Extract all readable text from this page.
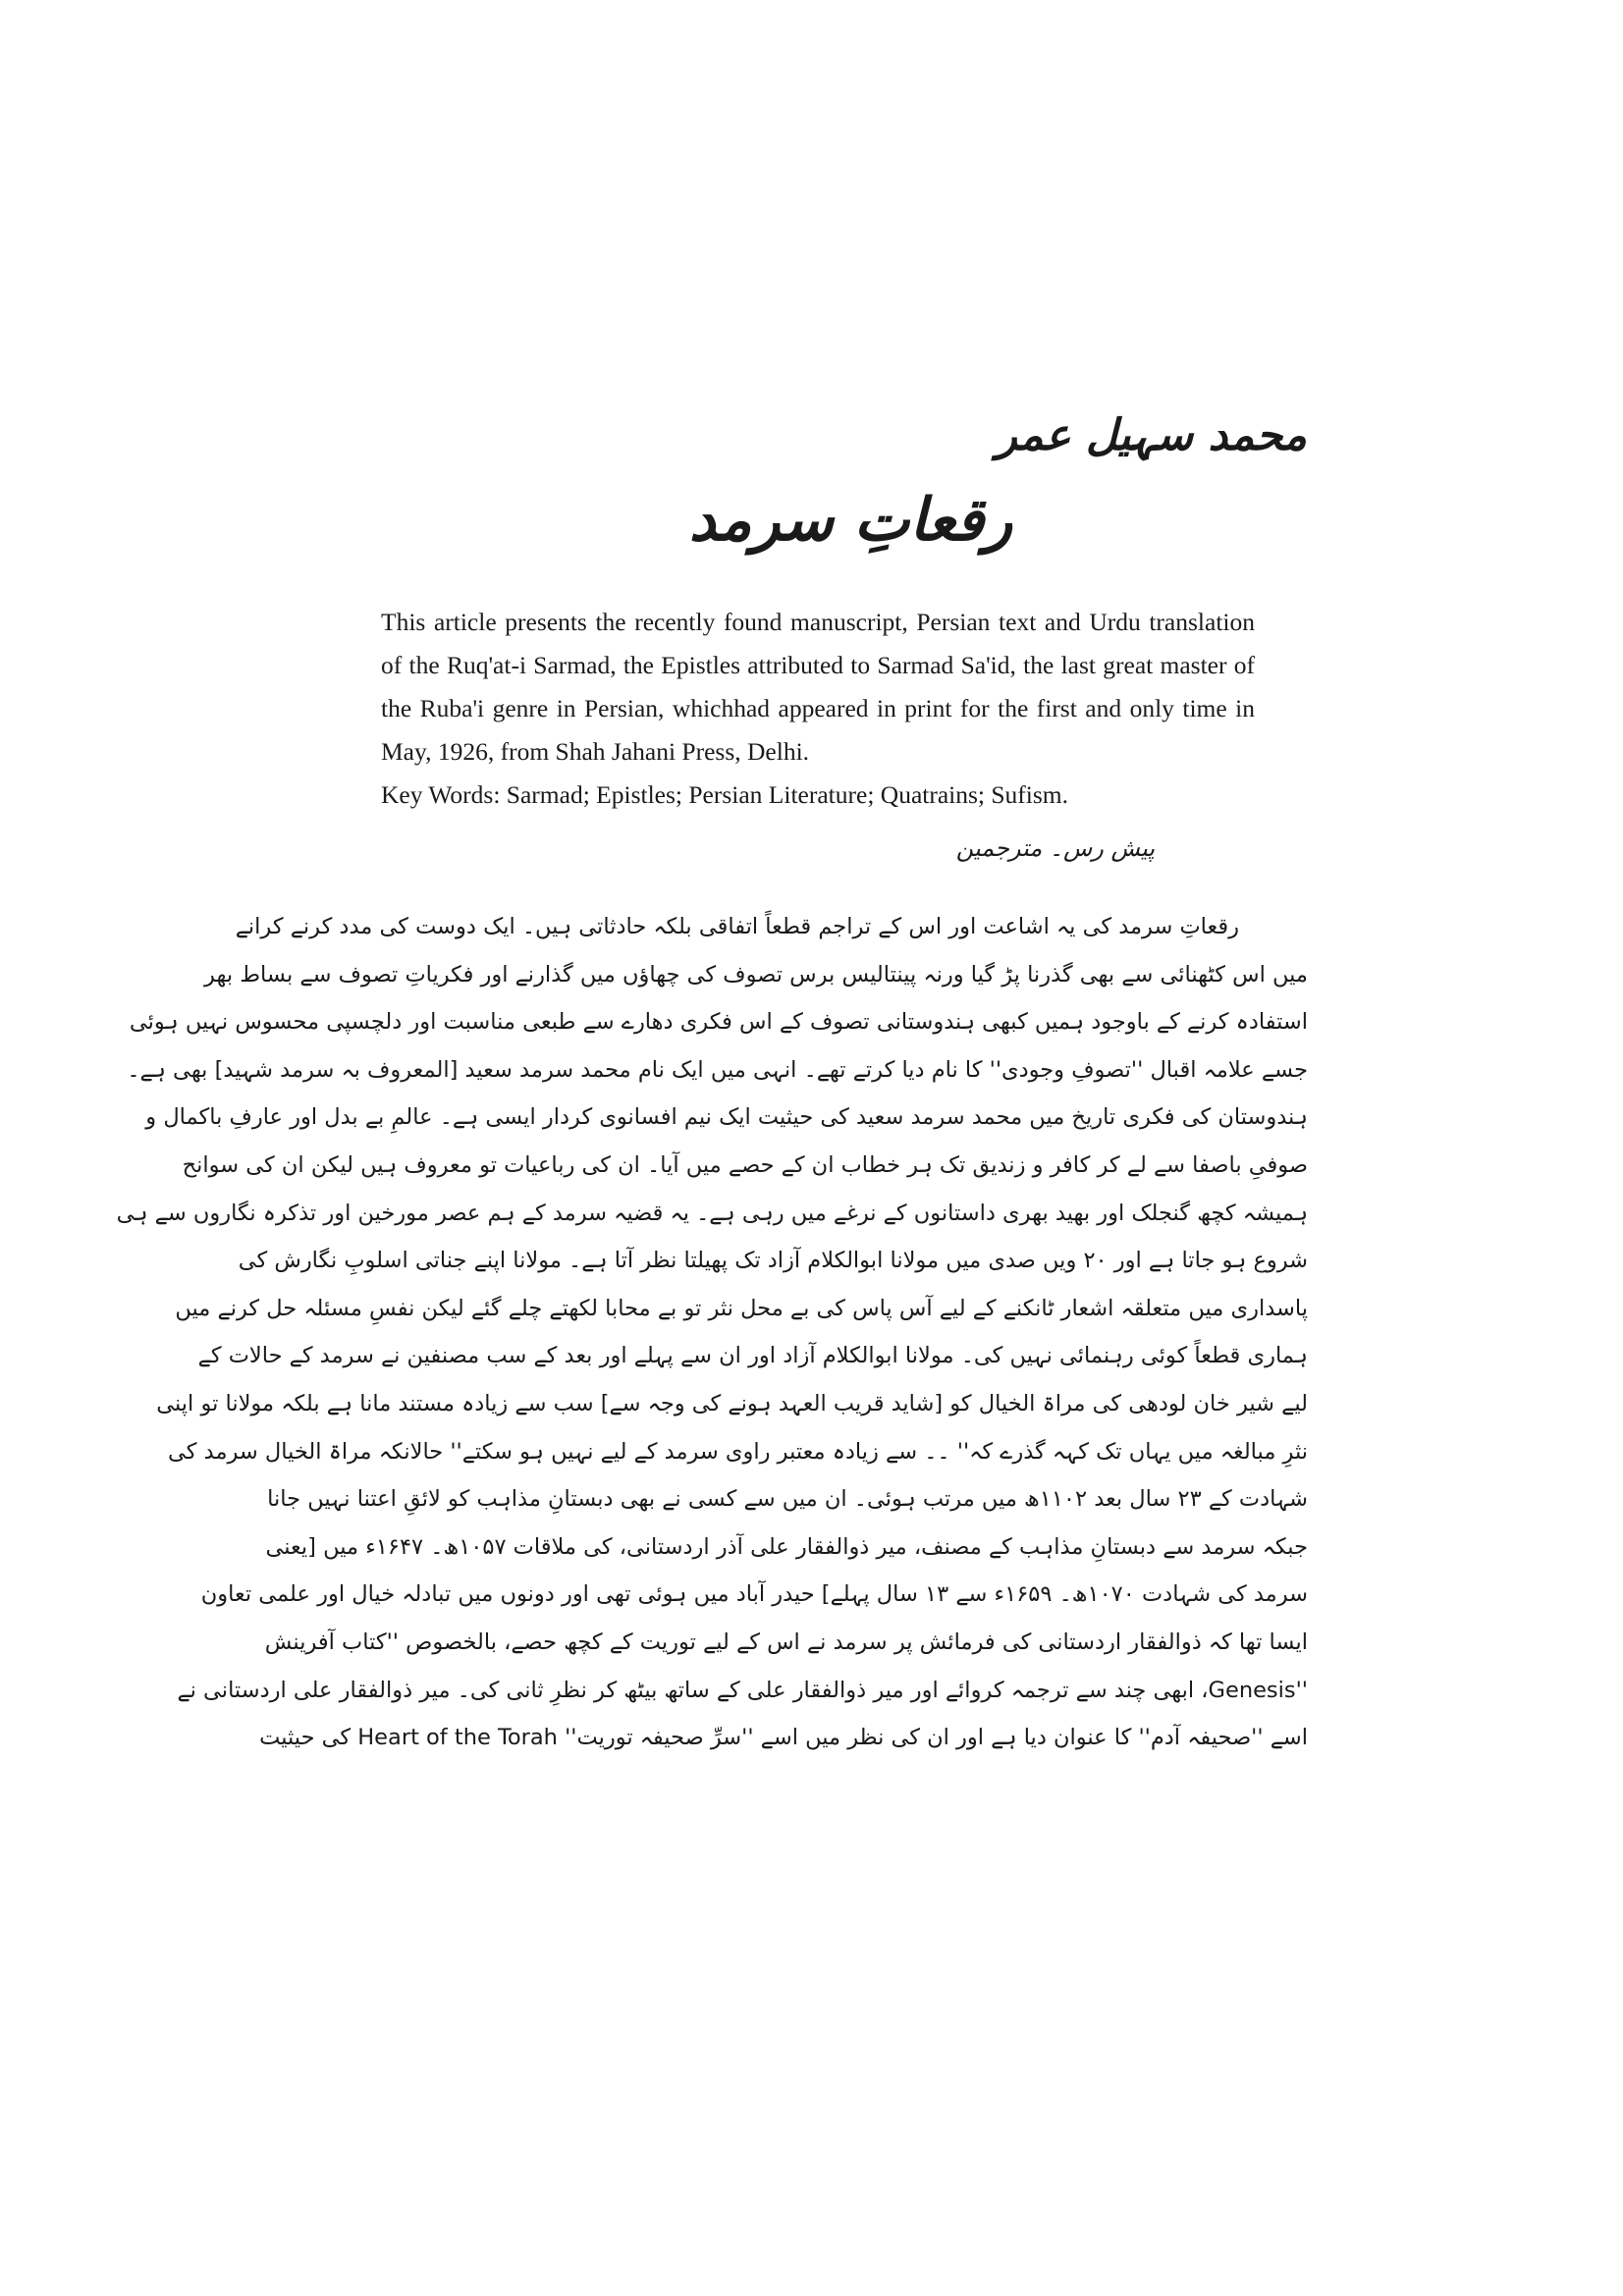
محمد سہیل عمر
رقعاتِ سرمد

This article presents the recently found manuscript, Persian text and Urdu translation of the Ruq'at-i Sarmad, the Epistles attributed to Sarmad Sa'id, the last great master of the Ruba'i genre in Persian, whichhad appeared in print for the first and only time in May, 1926, from Shah Jahani Press, Delhi.

Key Words: Sarmad; Epistles; Persian Literature; Quatrains; Sufism.

پیش رس۔ مترجمین
رقعاتِ سرمد کی یہ اشاعت اور اس کے تراجم قطعاً اتفاقی بلکہ حادثاتی ہیں۔ ایک دوست کی مدد کرنے کرانے
میں اس کٹھنائی سے بھی گذرنا پڑ گیا ورنہ پینتالیس برس تصوف کی چھاؤں میں گذارنے اور فکریاتِ تصوف سے بساط بھر
استفادہ کرنے کے باوجود ہمیں کبھی ہندوستانی تصوف کے اس فکری دھارے سے طبعی مناسبت اور دلچسپی محسوس نہیں ہوئی
جسے علامہ اقبال ''تصوفِ وجودی'' کا نام دیا کرتے تھے۔ انہی میں ایک نام محمد سرمد سعید [المعروف بہ سرمد شہید] بھی ہے۔
ہندوستان کی فکری تاریخ میں محمد سرمد سعید کی حیثیت ایک نیم افسانوی کردار ایسی ہے۔ عالمِ بے بدل اور عارفِ باکمال و
صوفیِ باصفا سے لے کر کافر و زندیق تک ہر خطاب ان کے حصے میں آیا۔ ان کی رباعیات تو معروف ہیں لیکن ان کی سوانح
ہمیشہ کچھ گنجلک اور بھید بھری داستانوں کے نرغے میں رہی ہے۔ یہ قضیہ سرمد کے ہم عصر مورخین اور تذکرہ نگاروں سے ہی
شروع ہو جاتا ہے اور ۲۰ ویں صدی میں مولانا ابوالکلام آزاد تک پھیلتا نظر آتا ہے۔ مولانا اپنے جناتی اسلوبِ نگارش کی
پاسداری میں متعلقہ اشعار ٹانکنے کے لیے آس پاس کی بے محل نثر تو بے محابا لکھتے چلے گئے لیکن نفسِ مسئلہ حل کرنے میں
ہماری قطعاً کوئی رہنمائی نہیں کی۔ مولانا ابوالکلام آزاد اور ان سے پہلے اور بعد کے سب مصنفین نے سرمد کے حالات کے
لیے شیر خان لودھی کی مراۃ الخیال کو [شاید قریب العہد ہونے کی وجہ سے] سب سے زیادہ مستند مانا ہے بلکہ مولانا تو اپنی
نثرِ مبالغہ میں یہاں تک کہہ گذرے کہ'' ۔۔ سے زیادہ معتبر راوی سرمد کے لیے نہیں ہو سکتے'' حالانکہ مراۃ الخیال سرمد کی
شہادت کے ۲۳ سال بعد ۱۱۰۲ھ میں مرتب ہوئی۔ ان میں سے کسی نے بھی دبستانِ مذاہب کو لائقِ اعتنا نہیں جانا
جبکہ سرمد سے دبستانِ مذاہب کے مصنف، میر ذوالفقار علی آذر اردستانی، کی ملاقات ۱۰۵۷ھ۔ ۱۶۴۷ء میں [یعنی
سرمد کی شہادت ۱۰۷۰ھ۔ ۱۶۵۹ء سے ۱۳ سال پہلے] حیدر آباد میں ہوئی تھی اور دونوں میں تبادلہ خیال اور علمی تعاون
ایسا تھا کہ ذوالفقار اردستانی کی فرمائش پر سرمد نے اس کے لیے توریت کے کچھ حصے، بالخصوص ''کتاب آفرینش
''Genesis، ابھی چند سے ترجمہ کروائے اور میر ذوالفقار علی کے ساتھ بیٹھ کر نظرِ ثانی کی۔ میر ذوالفقار علی اردستانی نے
اسے ''صحیفہ آدم'' کا عنوان دیا ہے اور ان کی نظر میں اسے ''سرِّ صحیفہ توریت'' Heart of the Torah کی حیثیت
